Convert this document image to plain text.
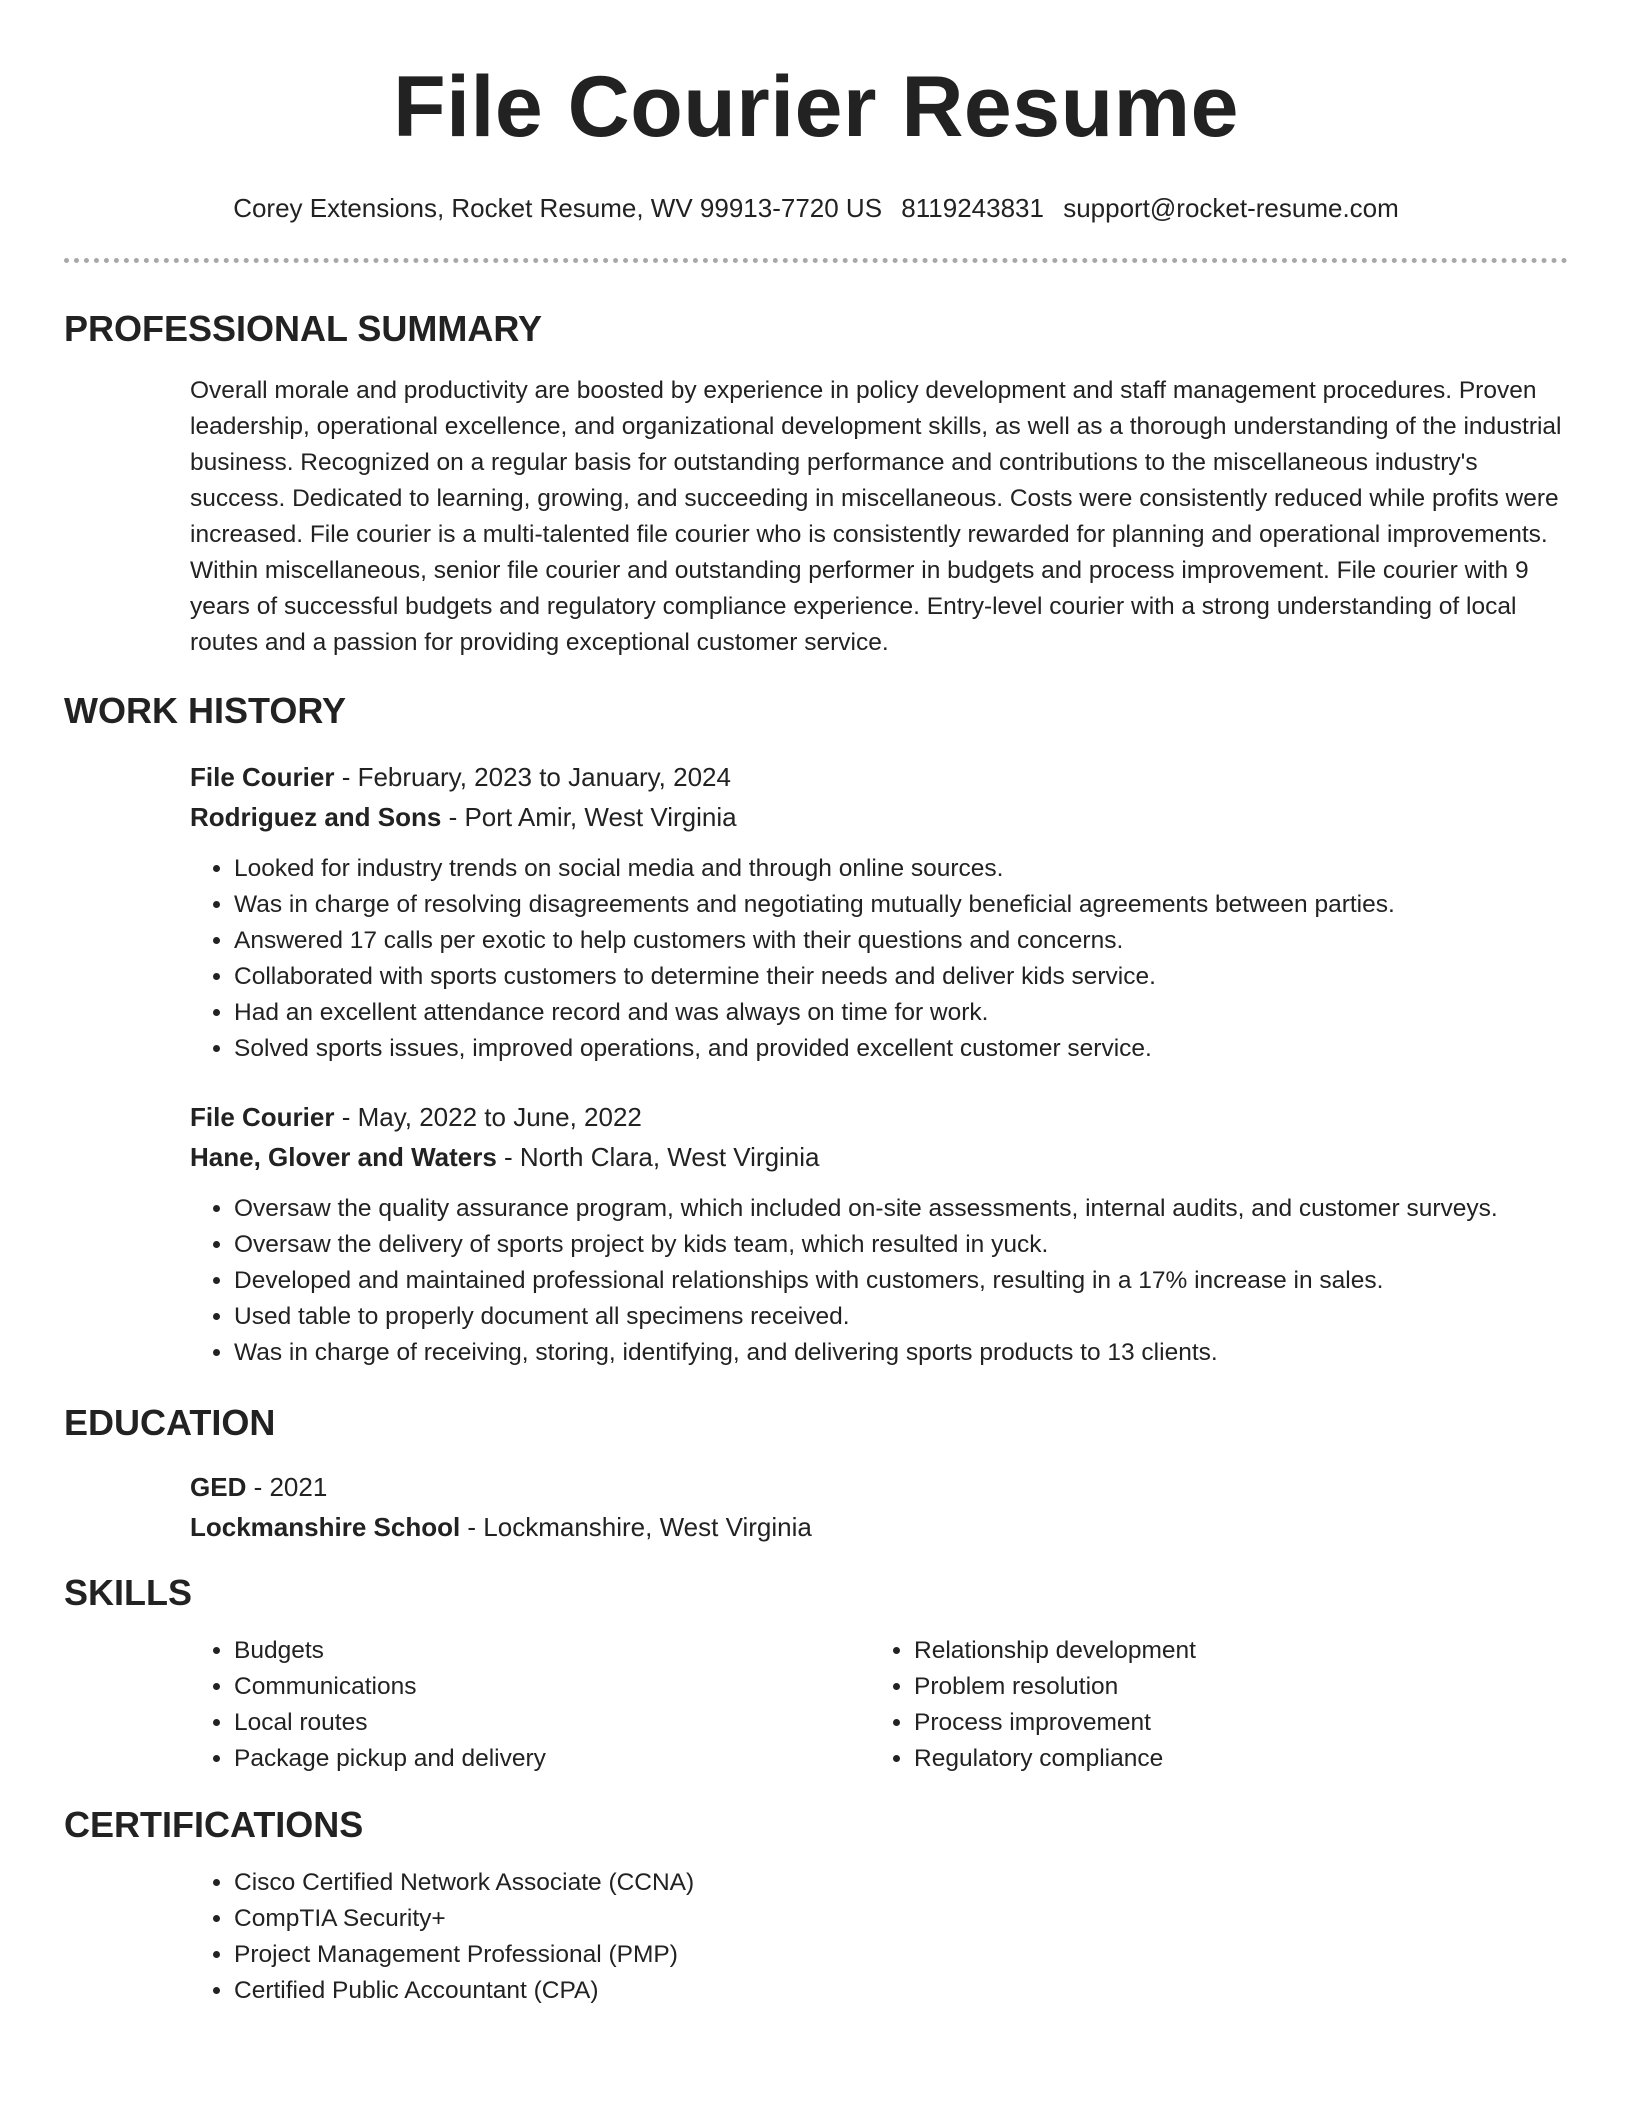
File Courier Resume
Corey Extensions, Rocket Resume, WV 99913-7720 US 8119243831 support@rocket-resume.com
PROFESSIONAL SUMMARY

Overall morale and productivity are boosted by experience in policy development and staff management procedures. Proven leadership, operational excellence, and organizational development skills, as well as a thorough understanding of the industrial business. Recognized on a regular basis for outstanding performance and contributions to the miscellaneous industry's success. Dedicated to learning, growing, and succeeding in miscellaneous. Costs were consistently reduced while profits were increased. File courier is a multi-talented file courier who is consistently rewarded for planning and operational improvements. Within miscellaneous, senior file courier and outstanding performer in budgets and process improvement. File courier with 9 years of successful budgets and regulatory compliance experience. Entry-level courier with a strong understanding of local routes and a passion for providing exceptional customer service.

WORK HISTORY
File Courier - February, 2023 to January, 2024
Rodriguez and Sons - Port Amir, West Virginia
• Looked for industry trends on social media and through online sources.
• Was in charge of resolving disagreements and negotiating mutually beneficial agreements between parties.
• Answered 17 calls per exotic to help customers with their questions and concerns.
• Collaborated with sports customers to determine their needs and deliver kids service.
• Had an excellent attendance record and was always on time for work.
• Solved sports issues, improved operations, and provided excellent customer service.
File Courier - May, 2022 to June, 2022
Hane, Glover and Waters - North Clara, West Virginia
• Oversaw the quality assurance program, which included on-site assessments, internal audits, and customer surveys.
• Oversaw the delivery of sports project by kids team, which resulted in yuck.
• Developed and maintained professional relationships with customers, resulting in a 17% increase in sales.
• Used table to properly document all specimens received.
• Was in charge of receiving, storing, identifying, and delivering sports products to 13 clients.
EDUCATION
GED - 2021
Lockmanshire School - Lockmanshire, West Virginia
SKILLS
• Budgets
• Communications
• Local routes
• Package pickup and delivery
• Relationship development
• Problem resolution
• Process improvement
• Regulatory compliance
CERTIFICATIONS
• Cisco Certified Network Associate (CCNA)
• CompTIA Security+
• Project Management Professional (PMP)
• Certified Public Accountant (CPA)
